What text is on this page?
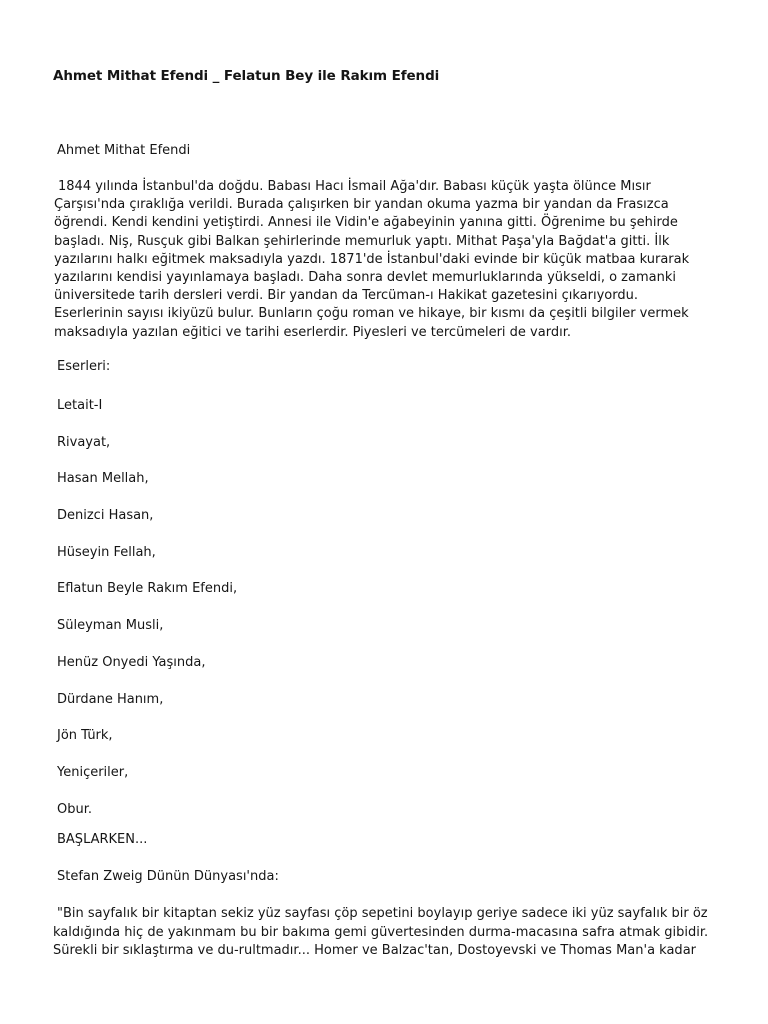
Ahmet Mithat Efendi _ Felatun Bey ile Rakım Efendi
Ahmet Mithat Efendi

1844 yılında İstanbul'da doğdu. Babası Hacı İsmail Ağa'dır. Babası küçük yaşta ölünce Mısır
Çarşısı'nda çıraklığa verildi. Burada çalışırken bir yandan okuma yazma bir yandan da Frasızca
öğrendi. Kendi kendini yetiştirdi. Annesi ile Vidin'e ağabeyinin yanına gitti. Öğrenime bu şehirde
başladı. Niş, Rusçuk gibi Balkan şehirlerinde memurluk yaptı. Mithat Paşa'yla Bağdat'a gitti. İlk
yazılarını halkı eğitmek maksadıyla yazdı. 1871'de İstanbul'daki evinde bir küçük matbaa kurarak
yazılarını kendisi yayınlamaya başladı. Daha sonra devlet memurluklarında yükseldi, o zamanki
üniversitede tarih dersleri verdi. Bir yandan da Tercüman-ı Hakikat gazetesini çıkarıyordu.
Eserlerinin sayısı ikiyüzü bulur. Bunların çoğu roman ve hikaye, bir kısmı da çeşitli bilgiler vermek
maksadıyla yazılan eğitici ve tarihi eserlerdir. Piyesleri ve tercümeleri de vardır.

Eserleri:
Letait-I
Rivayat,
Hasan Mellah,
Denizci Hasan,
Hüseyin Fellah,
Eflatun Beyle Rakım Efendi,
Süleyman Musli,
Henüz Onyedi Yaşında,
Dürdane Hanım,
Jön Türk,
Yeniçeriler,
Obur.
BAŞLARKEN...
Stefan Zweig Dünün Dünyası'nda:

"Bin sayfalık bir kitaptan sekiz yüz sayfası çöp sepetini boylayıp geriye sadece iki yüz sayfalık bir öz
kaldığında hiç de yakınmam bu bir bakıma gemi güvertesinden durma-macasına safra atmak gibidir.
Sürekli bir sıklaştırma ve du-rultmadır... Homer ve Balzac'tan, Dostoyevski ve Thomas Man'a kadar
